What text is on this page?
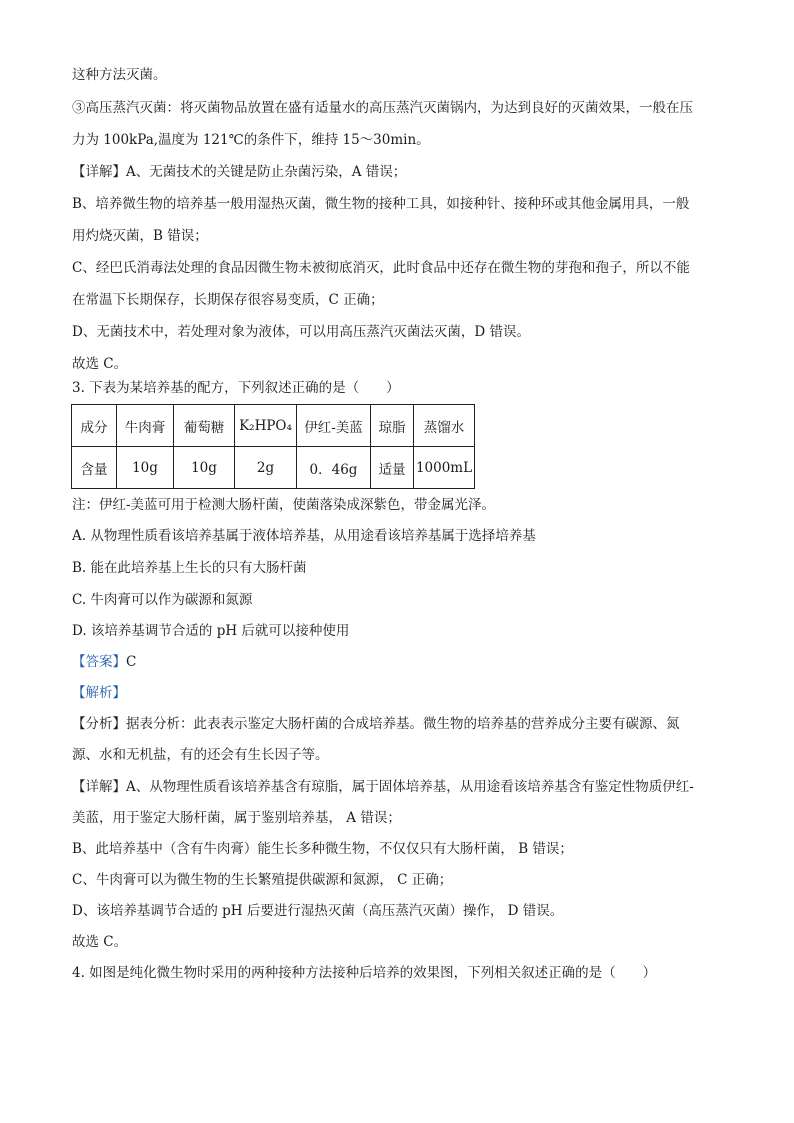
这种方法灭菌。
③高压蒸汽灭菌：将灭菌物品放置在盛有适量水的高压蒸汽灭菌锅内，为达到良好的灭菌效果，一般在压
力为 100kPa,温度为 121℃的条件下，维持 15～30min。
【详解】A、无菌技术的关键是防止杂菌污染，A 错误；
B、培养微生物的培养基一般用湿热灭菌，微生物的接种工具，如接种针、接种环或其他金属用具，一般
用灼烧灭菌，B 错误；
C、经巴氏消毒法处理的食品因微生物未被彻底消灭，此时食品中还存在微生物的芽孢和孢子，所以不能
在常温下长期保存，长期保存很容易变质，C 正确；
D、无菌技术中，若处理对象为液体，可以用高压蒸汽灭菌法灭菌，D 错误。
故选 C。
3. 下表为某培养基的配方，下列叙述正确的是（　　）
成分	牛肉膏	葡萄糖	K₂HPO₄	伊红-美蓝	琼脂	蒸馏水
含量	10g	10g	2g	0．46g	适量	1000mL
注：伊红-美蓝可用于检测大肠杆菌，使菌落染成深紫色，带金属光泽。
A. 从物理性质看该培养基属于液体培养基，从用途看该培养基属于选择培养基
B. 能在此培养基上生长的只有大肠杆菌
C. 牛肉膏可以作为碳源和氮源
D. 该培养基调节合适的 pH 后就可以接种使用
【答案】C
【解析】
【分析】据表分析：此表表示鉴定大肠杆菌的合成培养基。微生物的培养基的营养成分主要有碳源、氮
源、水和无机盐，有的还会有生长因子等。
【详解】A、从物理性质看该培养基含有琼脂，属于固体培养基，从用途看该培养基含有鉴定性物质伊红-
美蓝，用于鉴定大肠杆菌，属于鉴别培养基， A 错误；
B、此培养基中（含有牛肉膏）能生长多种微生物，不仅仅只有大肠杆菌， B 错误；
C、牛肉膏可以为微生物的生长繁殖提供碳源和氮源， C 正确；
D、该培养基调节合适的 pH 后要进行湿热灭菌（高压蒸汽灭菌）操作， D 错误。
故选 C。
4. 如图是纯化微生物时采用的两种接种方法接种后培养的效果图，下列相关叙述正确的是（　　）
